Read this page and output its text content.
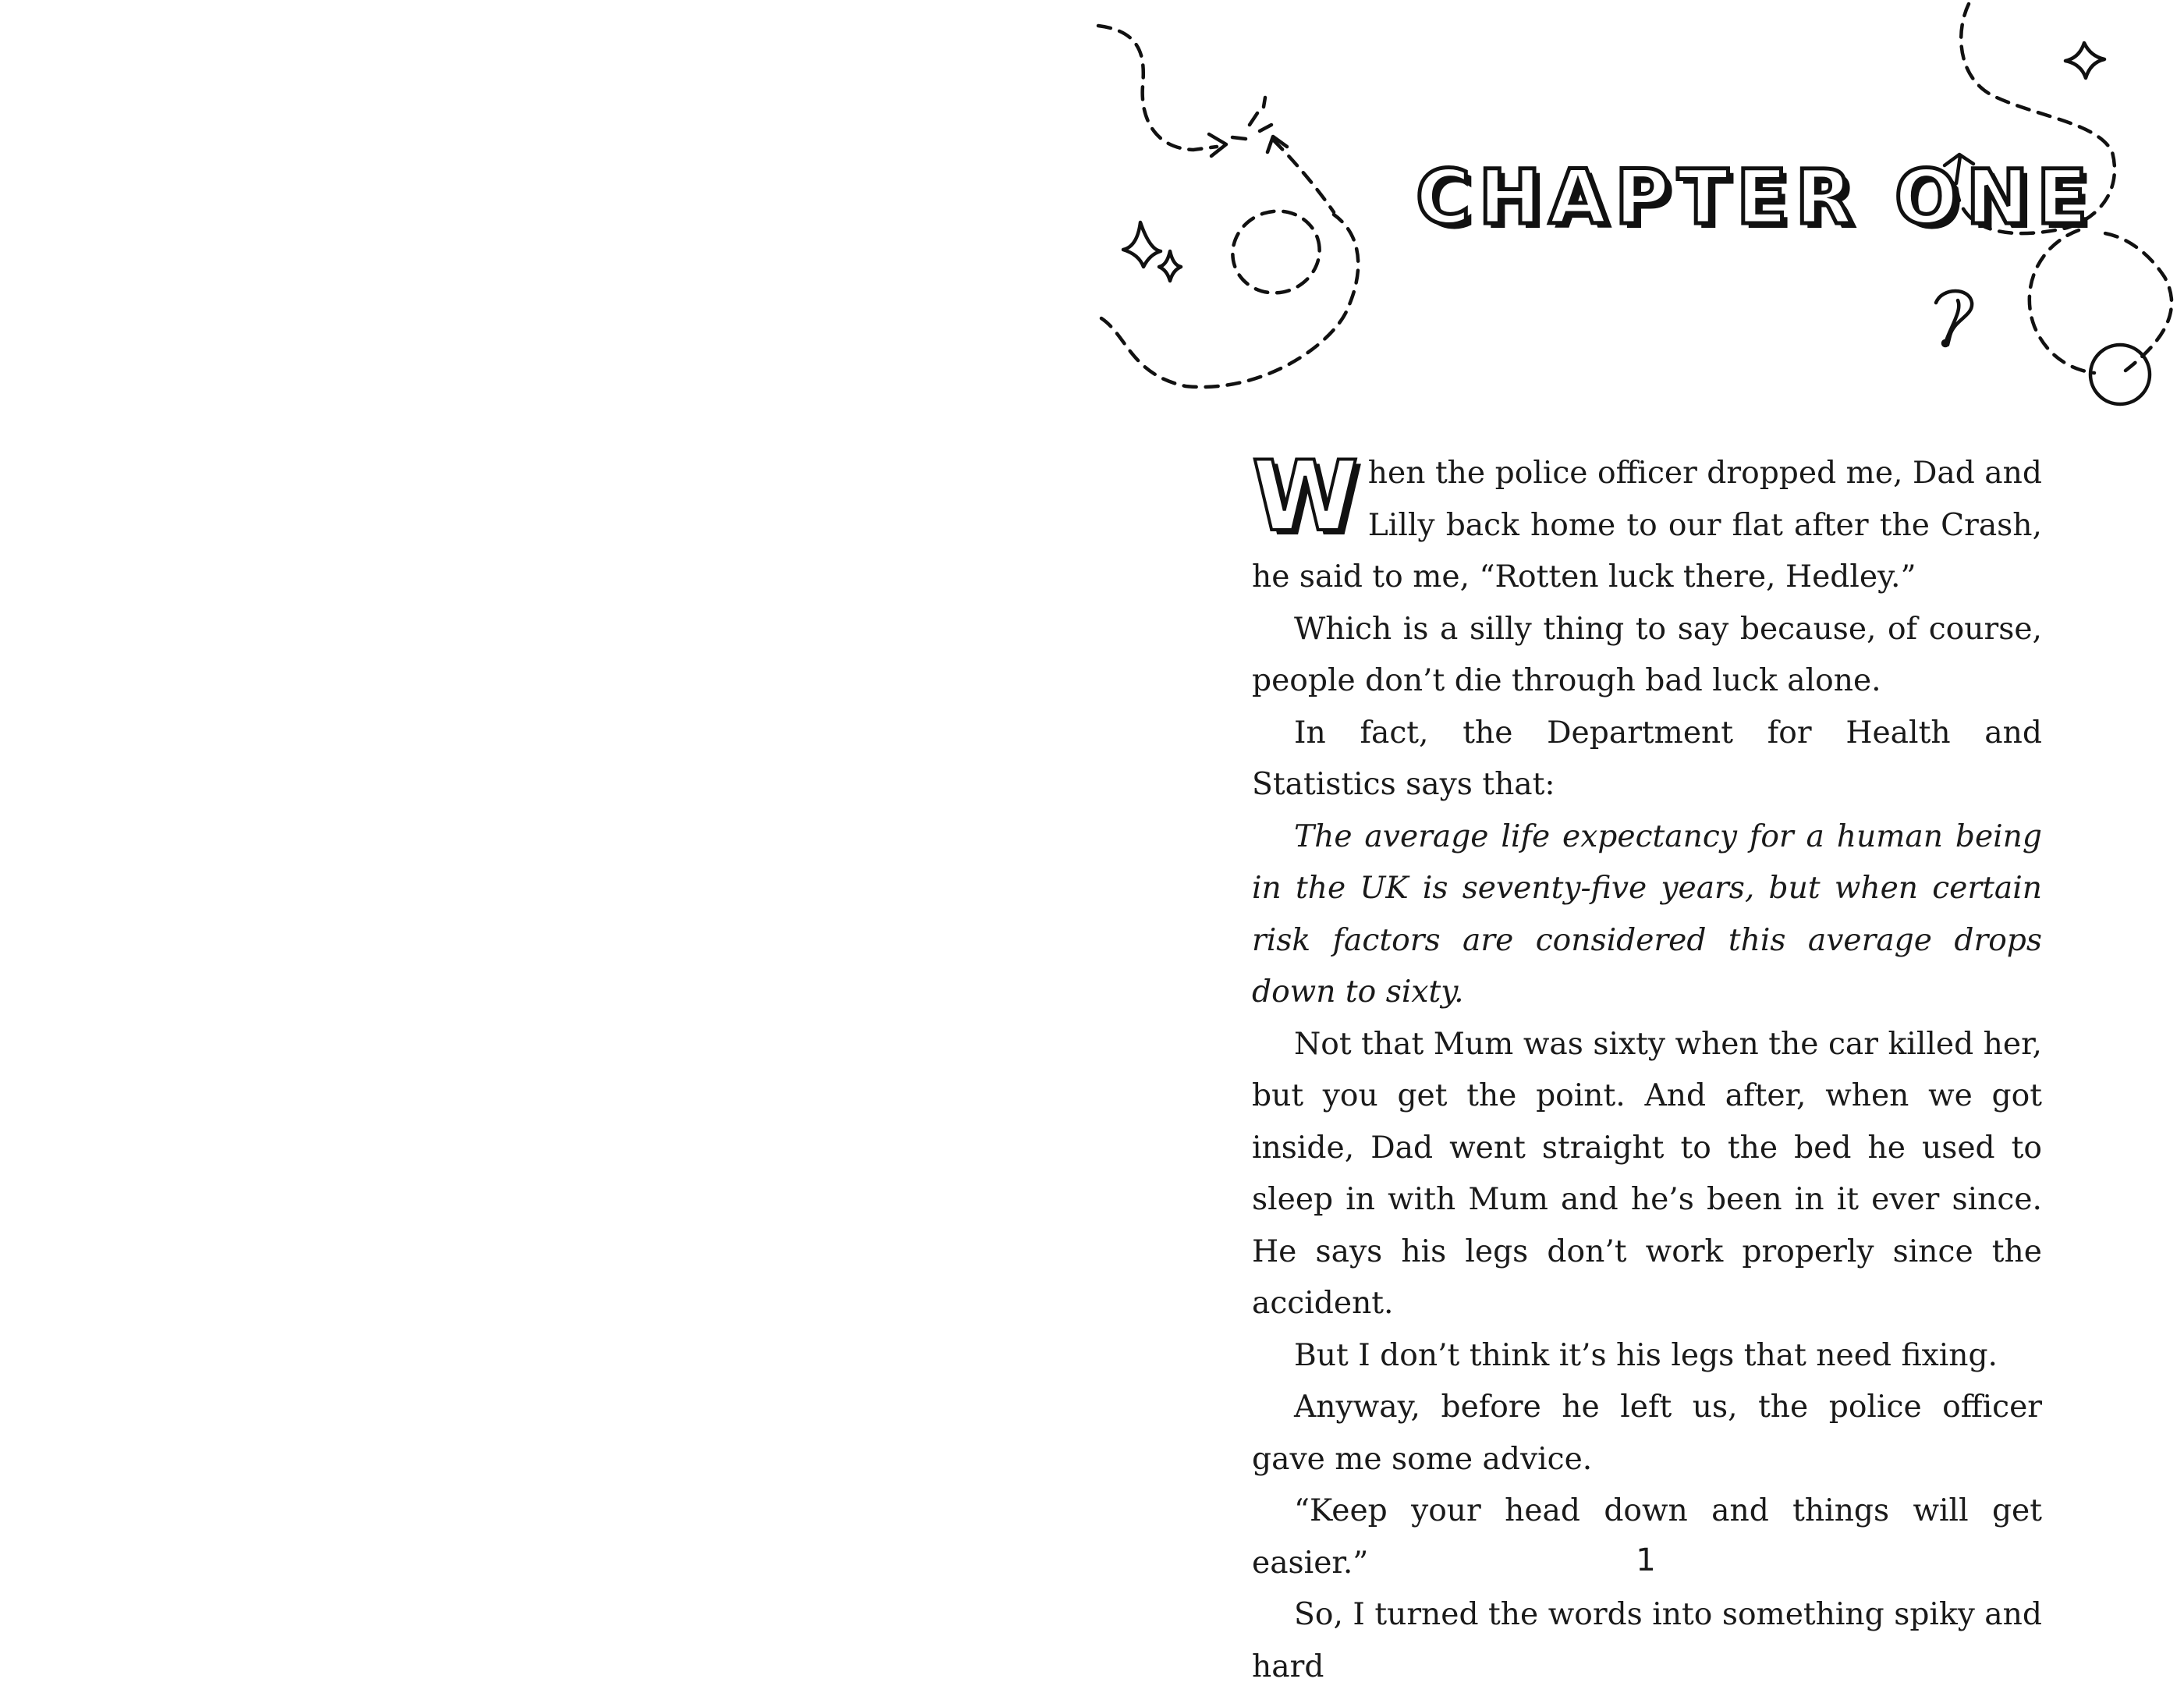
CHAPTER ONE

When the police officer dropped me, Dad and Lilly back home to our flat after the Crash, he said to me, “Rotten luck there, Hedley.”

Which is a silly thing to say because, of course, people don’t die through bad luck alone.

In fact, the Department for Health and Statistics says that:

The average life expectancy for a human being in the UK is seventy-five years, but when certain risk factors are considered this average drops down to sixty.

Not that Mum was sixty when the car killed her, but you get the point. And after, when we got inside, Dad went straight to the bed he used to sleep in with Mum and he’s been in it ever since. He says his legs don’t work properly since the accident.

But I don’t think it’s his legs that need fixing.

Anyway, before he left us, the police officer gave me some advice.

“Keep your head down and things will get easier.”

So, I turned the words into something spiky and hard

1
